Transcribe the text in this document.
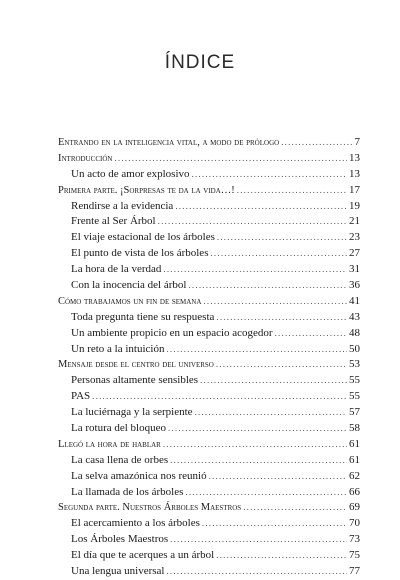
ÍNDICE
Entrando en la inteligencia vital, a modo de prólogo .....	7
Introducción .....	13
Un acto de amor explosivo .....	13
Primera parte. ¡Sorpresas te da la vida…! .....	17
Rendirse a la evidencia .....	19
Frente al Ser Árbol .....	21
El viaje estacional de los árboles .....	23
El punto de vista de los árboles .....	27
La hora de la verdad .....	31
Con la inocencia del árbol .....	36
Cómo trabajamos un fin de semana .....	41
Toda pregunta tiene su respuesta .....	43
Un ambiente propicio en un espacio acogedor .....	48
Un reto a la intuición .....	50
Mensaje desde el centro del universo .....	53
Personas altamente sensibles .....	55
PAS .....	55
La luciérnaga y la serpiente .....	57
La rotura del bloqueo .....	58
Llegó la hora de hablar .....	61
La casa llena de orbes .....	61
La selva amazónica nos reunió .....	62
La llamada de los árboles .....	66
Segunda parte. Nuestros Árboles Maestros .....	69
El acercamiento a los árboles .....	70
Los Árboles Maestros .....	73
El día que te acerques a un árbol .....	75
Una lengua universal .....	77
